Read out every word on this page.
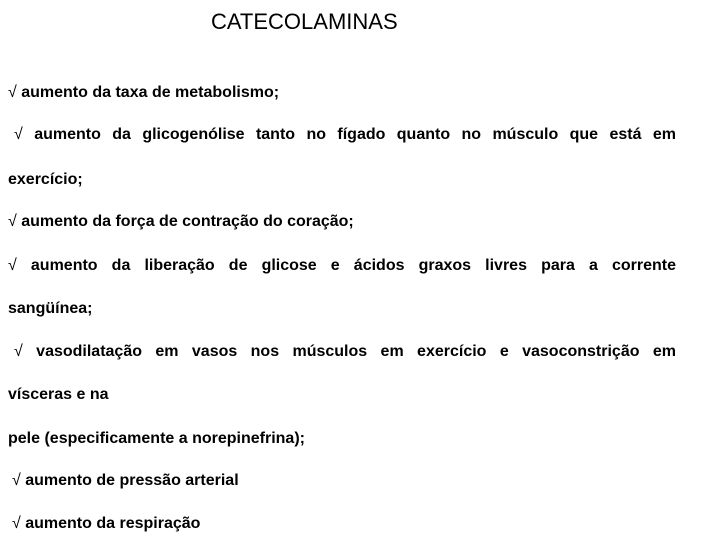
CATECOLAMINAS
√ aumento da taxa de metabolismo;
√ aumento da glicogenólise tanto no fígado quanto no músculo que está em
exercício;
√ aumento da força de contração do coração;
√ aumento da liberação de glicose e ácidos graxos livres para a corrente
sangüínea;
√ vasodilatação em vasos nos músculos em exercício e vasoconstrição em
vísceras e na
pele (especificamente a norepinefrina);
√ aumento de pressão arterial
√ aumento da respiração
